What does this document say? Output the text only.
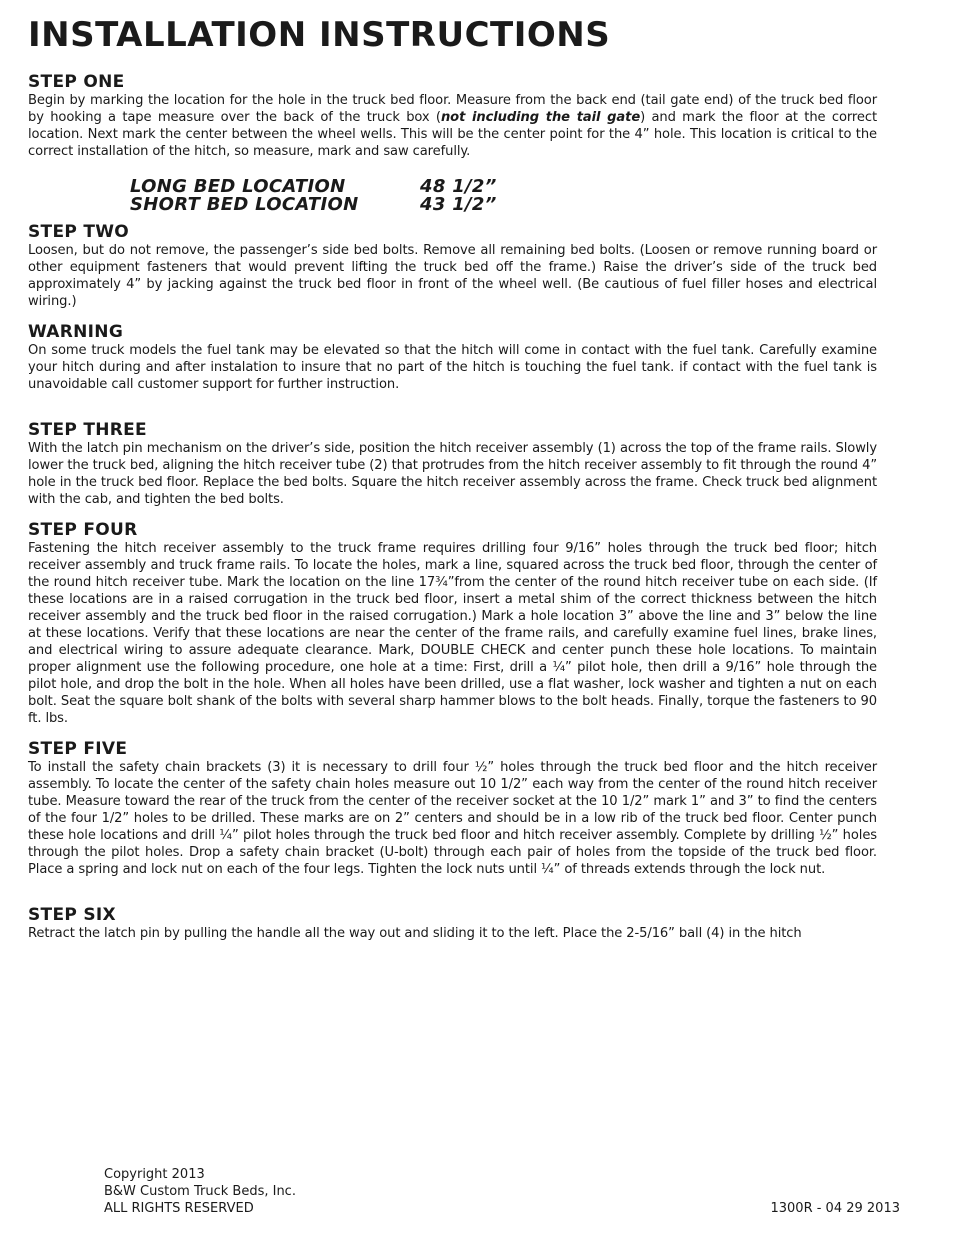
INSTALLATION INSTRUCTIONS
STEP ONE

Begin by marking the location for the hole in the truck bed floor. Measure from the back end (tail gate end) of the truck bed floor by hooking a tape measure over the back of the truck box (not including the tail gate) and mark the floor at the correct location. Next mark the center between the wheel wells. This will be the center point for the 4” hole. This location is critical to the correct installation of the hitch, so measure, mark and saw carefully.

LONG BED LOCATION	48 1/2”
SHORT BED LOCATION	43 1/2”
STEP TWO

Loosen, but do not remove, the passenger’s side bed bolts. Remove all remaining bed bolts. (Loosen or remove running board or other equipment fasteners that would prevent lifting the truck bed off the frame.) Raise the driver’s side of the truck bed approximately 4” by jacking against the truck bed floor in front of the wheel well. (Be cautious of fuel filler hoses and electrical wiring.)

WARNING

On some truck models the fuel tank may be elevated so that the hitch will come in contact with the fuel tank. Carefully examine your hitch during and after instalation to insure that no part of the hitch is touching the fuel tank. if contact with the fuel tank is unavoidable call customer support for further instruction.

STEP THREE

With the latch pin mechanism on the driver’s side, position the hitch receiver assembly (1) across the top of the frame rails. Slowly lower the truck bed, aligning the hitch receiver tube (2) that protrudes from the hitch receiver assembly to fit through the round 4” hole in the truck bed floor. Replace the bed bolts. Square the hitch receiver assembly across the frame. Check truck bed alignment with the cab, and tighten the bed bolts.

STEP FOUR

Fastening the hitch receiver assembly to the truck frame requires drilling four 9/16” holes through the truck bed floor; hitch receiver assembly and truck frame rails. To locate the holes, mark a line, squared across the truck bed floor, through the center of the round hitch receiver tube. Mark the location on the line 17¾”from the center of the round hitch receiver tube on each side. (If these locations are in a raised corrugation in the truck bed floor, insert a metal shim of the correct thickness between the hitch receiver assembly and the truck bed floor in the raised corrugation.) Mark a hole location 3” above the line and 3” below the line at these locations. Verify that these locations are near the center of the frame rails, and carefully examine fuel lines, brake lines, and electrical wiring to assure adequate clearance. Mark, DOUBLE CHECK and center punch these hole locations. To maintain proper alignment use the following procedure, one hole at a time: First, drill a ¼” pilot hole, then drill a 9/16” hole through the pilot hole, and drop the bolt in the hole. When all holes have been drilled, use a flat washer, lock washer and tighten a nut on each bolt. Seat the square bolt shank of the bolts with several sharp hammer blows to the bolt heads. Finally, torque the fasteners to 90 ft. lbs.

STEP FIVE

To install the safety chain brackets (3) it is necessary to drill four ½” holes through the truck bed floor and the hitch receiver assembly. To locate the center of the safety chain holes measure out 10 1/2” each way from the center of the round hitch receiver tube. Measure toward the rear of the truck from the center of the receiver socket at the 10 1/2” mark 1” and 3” to find the centers of the four 1/2” holes to be drilled. These marks are on 2” centers and should be in a low rib of the truck bed floor. Center punch these hole locations and drill ¼” pilot holes through the truck bed floor and hitch receiver assembly. Complete by drilling ½” holes through the pilot holes. Drop a safety chain bracket (U-bolt) through each pair of holes from the topside of the truck bed floor. Place a spring and lock nut on each of the four legs. Tighten the lock nuts until ¼” of threads extends through the lock nut.

STEP SIX

Retract the latch pin by pulling the handle all the way out and sliding it to the left. Place the 2-5/16” ball (4) in the hitch

Copyright 2013
B&W Custom Truck Beds, Inc.
ALL RIGHTS RESERVED	1300R - 04 29 2013
